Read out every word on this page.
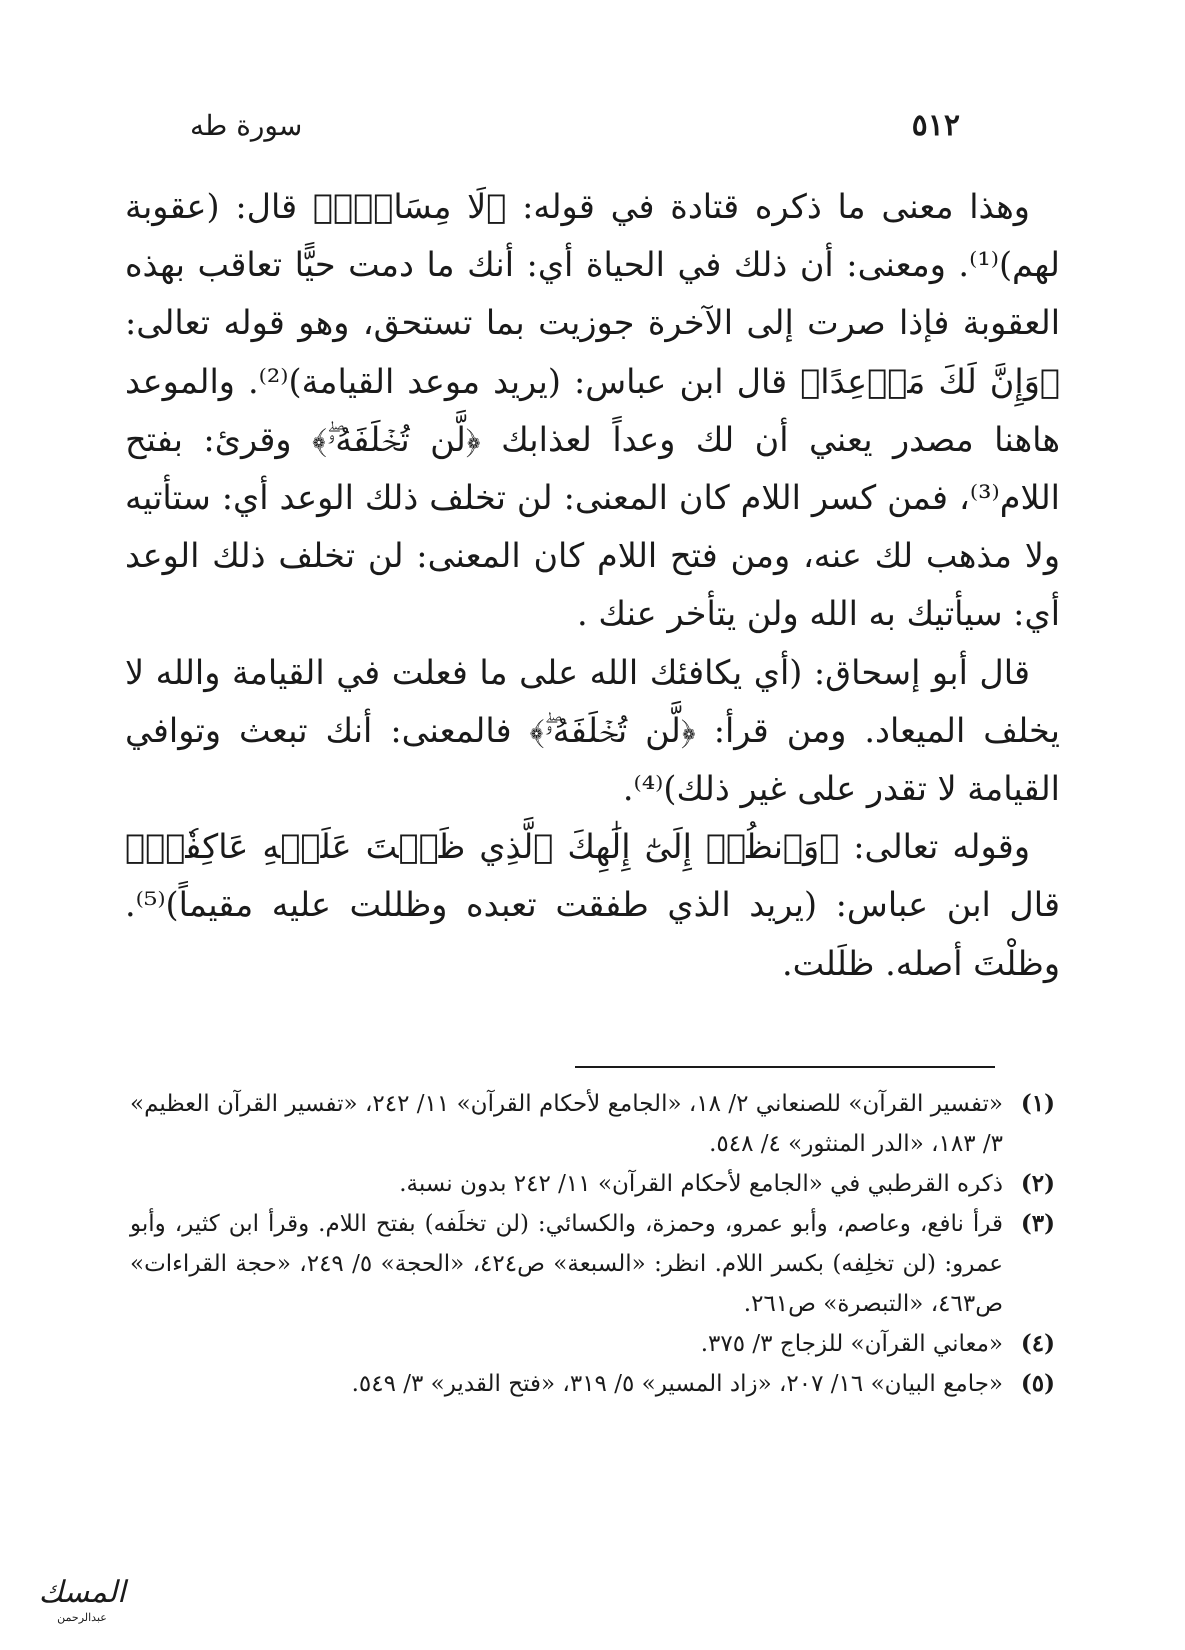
٥١٢
سورة طه

وهذا معنى ما ذكره قتادة في قوله: ﴿لَا مِسَاسَۖ﴾ قال: (عقوبة لهم)⁽¹⁾. ومعنى: أن ذلك في الحياة أي: أنك ما دمت حيًّا تعاقب بهذه العقوبة فإذا صرت إلى الآخرة جوزيت بما تستحق، وهو قوله تعالى: ﴿وَإِنَّ لَكَ مَوۡعِدًا﴾ قال ابن عباس: (يريد موعد القيامة)⁽²⁾. والموعد هاهنا مصدر يعني أن لك وعداً لعذابك ﴿لَّن تُخۡلَفَهُۥۖ﴾ وقرئ: بفتح اللام⁽³⁾، فمن كسر اللام كان المعنى: لن تخلف ذلك الوعد أي: ستأتيه ولا مذهب لك عنه، ومن فتح اللام كان المعنى: لن تخلف ذلك الوعد أي: سيأتيك به الله ولن يتأخر عنك .

قال أبو إسحاق: (أي يكافئك الله على ما فعلت في القيامة والله لا يخلف الميعاد. ومن قرأ: ﴿لَّن تُخۡلَفَهُۥۖ﴾ فالمعنى: أنك تبعث وتوافي القيامة لا تقدر على غير ذلك)⁽⁴⁾.

وقوله تعالى: ﴿وَٱنظُرۡ إِلَىٰٓ إِلَٰهِكَ ٱلَّذِي ظَلۡتَ عَلَيۡهِ عَاكِفٗاۖ﴾ قال ابن عباس: (يريد الذي طفقت تعبده وظللت عليه مقيماً)⁽⁵⁾. وظلْتَ أصله. ظلَلت.

(١)
«تفسير القرآن» للصنعاني ٢/ ١٨، «الجامع لأحكام القرآن» ١١/ ٢٤٢، «تفسير القرآن العظيم» ٣/ ١٨٣، «الدر المنثور» ٤/ ٥٤٨.
(٢)
ذكره القرطبي في «الجامع لأحكام القرآن» ١١/ ٢٤٢ بدون نسبة.
(٣)
قرأ نافع، وعاصم، وأبو عمرو، وحمزة، والكسائي: (لن تخلَفه) بفتح اللام. وقرأ ابن كثير، وأبو عمرو: (لن تخلِفه) بكسر اللام. انظر: «السبعة» ص٤٢٤، «الحجة» ٥/ ٢٤٩، «حجة القراءات» ص٤٦٣، «التبصرة» ص٢٦١.
(٤)
«معاني القرآن» للزجاج ٣/ ٣٧٥.
(٥)
«جامع البيان» ١٦/ ٢٠٧، «زاد المسير» ٥/ ٣١٩، «فتح القدير» ٣/ ٥٤٩.
المسك
عبدالرحمن
